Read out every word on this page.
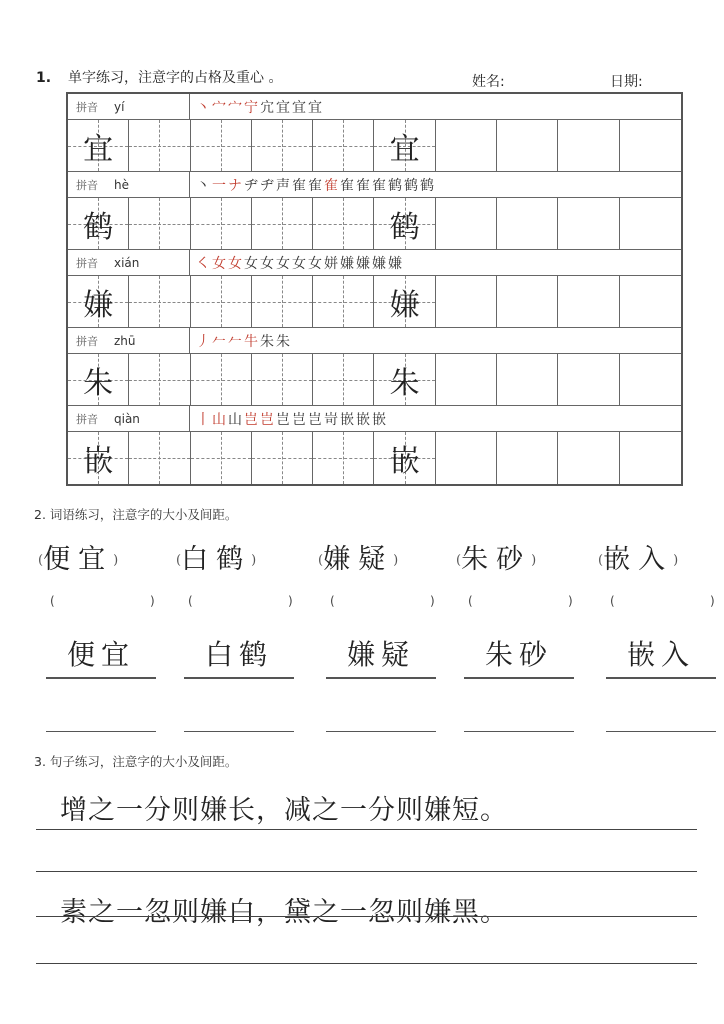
1. 单字练习，注意字的占格及重心 。	姓名:	日期:
拼音 yí	丶 宀 宀 宁 宂 宜 宜 宜
宜	宜
拼音 hè	丶 一 ナ ヂ ヂ 声 隺 隺 隺 隺 隺 隺 鹤 鹤 鹤
鹤	鹤
拼音 xián	㇛ 女 女 女 女 女 女 女 姘 嫌 嫌 嫌 嫌
嫌	嫌
拼音 zhū	丿 𠂉 𠂉 牛 朱 朱
朱	朱
拼音 qiàn	丨 山 山 岂 岂 岂 岂 岂 岢 嵌 嵌 嵌
嵌	嵌
2. 词语练习，注意字的大小及间距。
(便宜)
(	)
便宜
(白鹤)
(	)
白鹤
(嫌疑)
(	)
嫌疑
(朱砂)
(	)
朱砂
(嵌入)
(	)
嵌入
3. 句子练习，注意字的大小及间距。
增之一分则嫌长，减之一分则嫌短。
素之一忽则嫌白，黛之一忽则嫌黑。
